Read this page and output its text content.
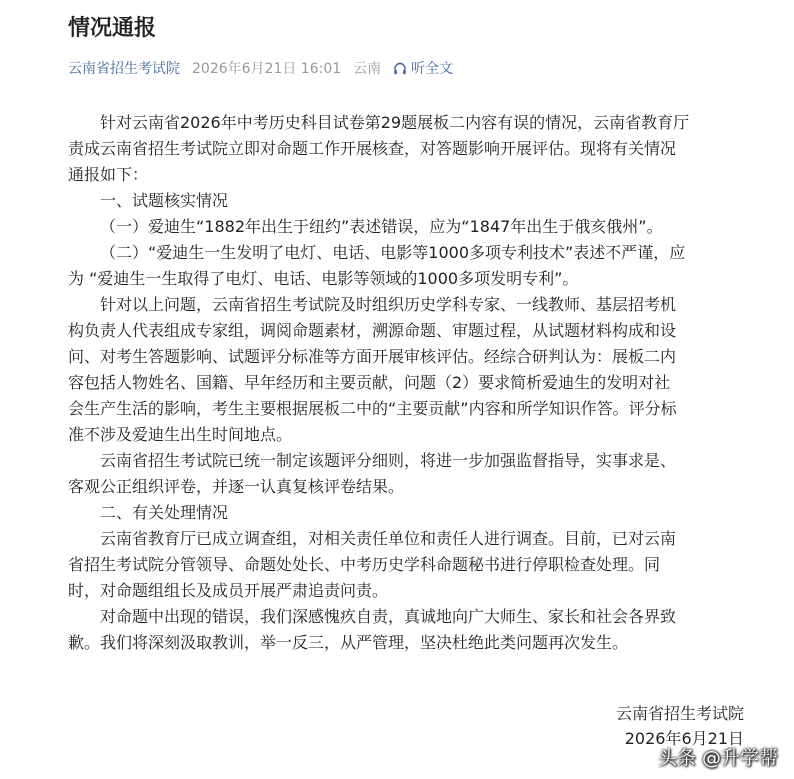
情况通报
云南省招生考试院 2026年6月21日 16:01 云南 听全文

针对云南省2026年中考历史科目试卷第29题展板二内容有误的情况，云南省教育厅

责成云南省招生考试院立即对命题工作开展核查，对答题影响开展评估。现将有关情况

通报如下：

一、试题核实情况

（一）爱迪生“1882年出生于纽约”表述错误，应为“1847年出生于俄亥俄州”。

（二）“爱迪生一生发明了电灯、电话、电影等1000多项专利技术”表述不严谨，应

为 “爱迪生一生取得了电灯、电话、电影等领域的1000多项发明专利”。

针对以上问题，云南省招生考试院及时组织历史学科专家、一线教师、基层招考机

构负责人代表组成专家组，调阅命题素材，溯源命题、审题过程，从试题材料构成和设

问、对考生答题影响、试题评分标准等方面开展审核评估。经综合研判认为：展板二内

容包括人物姓名、国籍、早年经历和主要贡献，问题（2）要求简析爱迪生的发明对社

会生产生活的影响，考生主要根据展板二中的“主要贡献”内容和所学知识作答。评分标

准不涉及爱迪生出生时间地点。

云南省招生考试院已统一制定该题评分细则，将进一步加强监督指导，实事求是、

客观公正组织评卷，并逐一认真复核评卷结果。

二、有关处理情况

云南省教育厅已成立调查组，对相关责任单位和责任人进行调查。目前，已对云南

省招生考试院分管领导、命题处处长、中考历史学科命题秘书进行停职检查处理。同

时，对命题组组长及成员开展严肃追责问责。

对命题中出现的错误，我们深感愧疚自责，真诚地向广大师生、家长和社会各界致

歉。我们将深刻汲取教训，举一反三，从严管理，坚决杜绝此类问题再次发生。

云南省招生考试院
2026年6月21日
头条 @升学帮
